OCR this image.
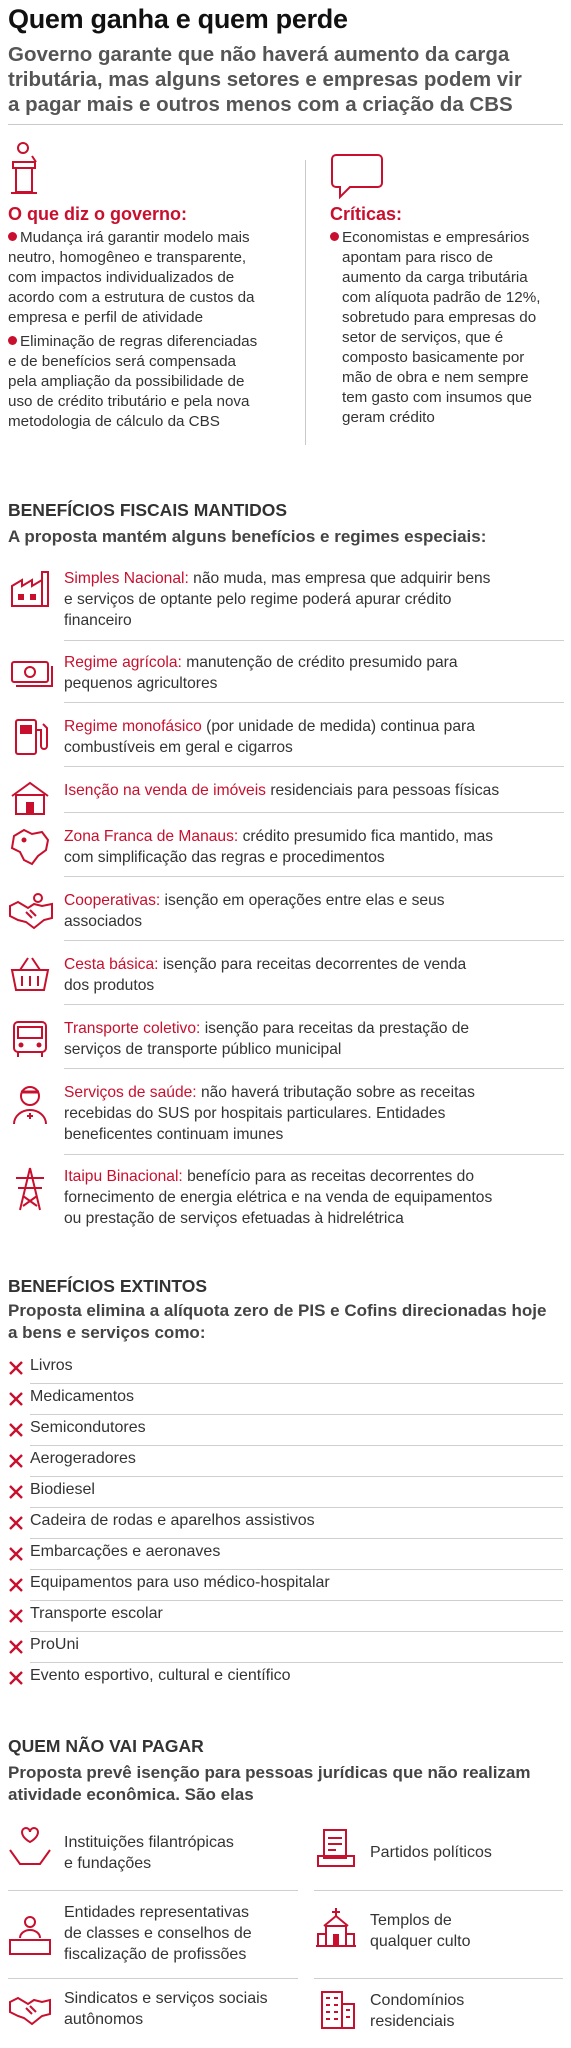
Quem ganha e quem perde
Governo garante que não haverá aumento da carga
tributária, mas alguns setores e empresas podem vir
a pagar mais e outros menos com a criação da CBS
O que diz o governo:

Mudança irá garantir modelo mais
neutro, homogêneo e transparente,
com impactos individualizados de
acordo com a estrutura de custos da
empresa e perfil de atividade

Eliminação de regras diferenciadas
e de benefícios será compensada
pela ampliação da possibilidade de
uso de crédito tributário e pela nova
metodologia de cálculo da CBS

Críticas:

Economistas e empresários
apontam para risco de
aumento da carga tributária
com alíquota padrão de 12%,
sobretudo para empresas do
setor de serviços, que é
composto basicamente por
mão de obra e nem sempre
tem gasto com insumos que
geram crédito

BENEFÍCIOS FISCAIS MANTIDOS
A proposta mantém alguns benefícios e regimes especiais:
Simples Nacional: não muda, mas empresa que adquirir bens
e serviços de optante pelo regime poderá apurar crédito
financeiro
Regime agrícola: manutenção de crédito presumido para
pequenos agricultores
Regime monofásico (por unidade de medida) continua para
combustíveis em geral e cigarros
Isenção na venda de imóveis residenciais para pessoas físicas
Zona Franca de Manaus: crédito presumido fica mantido, mas
com simplificação das regras e procedimentos
Cooperativas: isenção em operações entre elas e seus
associados
Cesta básica: isenção para receitas decorrentes de venda
dos produtos
Transporte coletivo: isenção para receitas da prestação de
serviços de transporte público municipal
Serviços de saúde: não haverá tributação sobre as receitas
recebidas do SUS por hospitais particulares. Entidades
beneficentes continuam imunes
Itaipu Binacional: benefício para as receitas decorrentes do
fornecimento de energia elétrica e na venda de equipamentos
ou prestação de serviços efetuadas à hidrelétrica
BENEFÍCIOS EXTINTOS
Proposta elimina a alíquota zero de PIS e Cofins direcionadas hoje
a bens e serviços como:
Livros
Medicamentos
Semicondutores
Aerogeradores
Biodiesel
Cadeira de rodas e aparelhos assistivos
Embarcações e aeronaves
Equipamentos para uso médico-hospitalar
Transporte escolar
ProUni
Evento esportivo, cultural e científico
QUEM NÃO VAI PAGAR
Proposta prevê isenção para pessoas jurídicas que não realizam
atividade econômica. São elas
Instituições filantrópicas
e fundações
Partidos políticos
Entidades representativas
de classes e conselhos de
fiscalização de profissões
Templos de
qualquer culto
Sindicatos e serviços sociais
autônomos
Condomínios
residenciais
